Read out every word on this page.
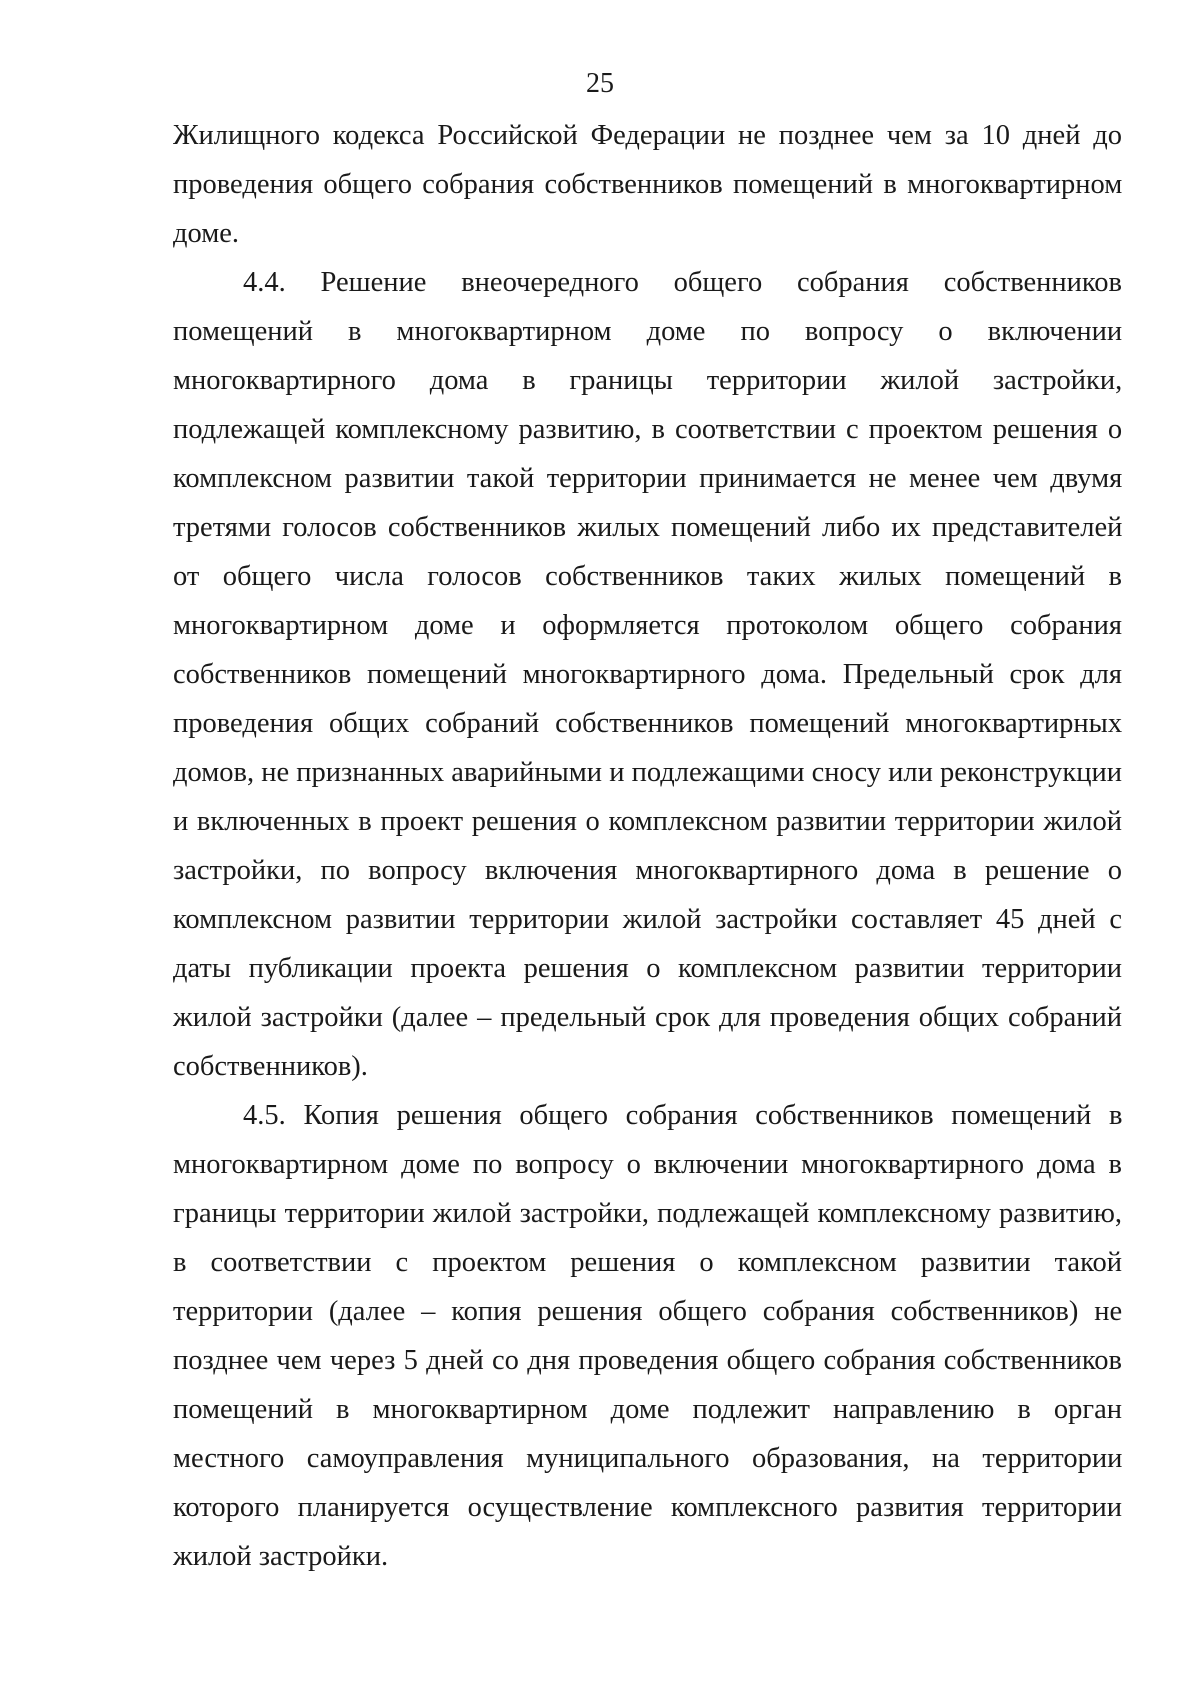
25
Жилищного кодекса Российской Федерации не позднее чем за 10 дней до
проведения общего собрания собственников помещений в многоквартирном
доме.
4.4. Решение внеочередного общего собрания собственников
помещений в многоквартирном доме по вопросу о включении
многоквартирного дома в границы территории жилой застройки,
подлежащей комплексному развитию, в соответствии с проектом решения о
комплексном развитии такой территории принимается не менее чем двумя
третями голосов собственников жилых помещений либо их представителей
от общего числа голосов собственников таких жилых помещений в
многоквартирном доме и оформляется протоколом общего собрания
собственников помещений многоквартирного дома. Предельный срок для
проведения общих собраний собственников помещений многоквартирных
домов, не признанных аварийными и подлежащими сносу или реконструкции
и включенных в проект решения о комплексном развитии территории жилой
застройки, по вопросу включения многоквартирного дома в решение о
комплексном развитии территории жилой застройки составляет 45 дней с
даты публикации проекта решения о комплексном развитии территории
жилой застройки (далее – предельный срок для проведения общих собраний
собственников).
4.5. Копия решения общего собрания собственников помещений в
многоквартирном доме по вопросу о включении многоквартирного дома в
границы территории жилой застройки, подлежащей комплексному развитию,
в соответствии с проектом решения о комплексном развитии такой
территории (далее – копия решения общего собрания собственников) не
позднее чем через 5 дней со дня проведения общего собрания собственников
помещений в многоквартирном доме подлежит направлению в орган
местного самоуправления муниципального образования, на территории
которого планируется осуществление комплексного развития территории
жилой застройки.
